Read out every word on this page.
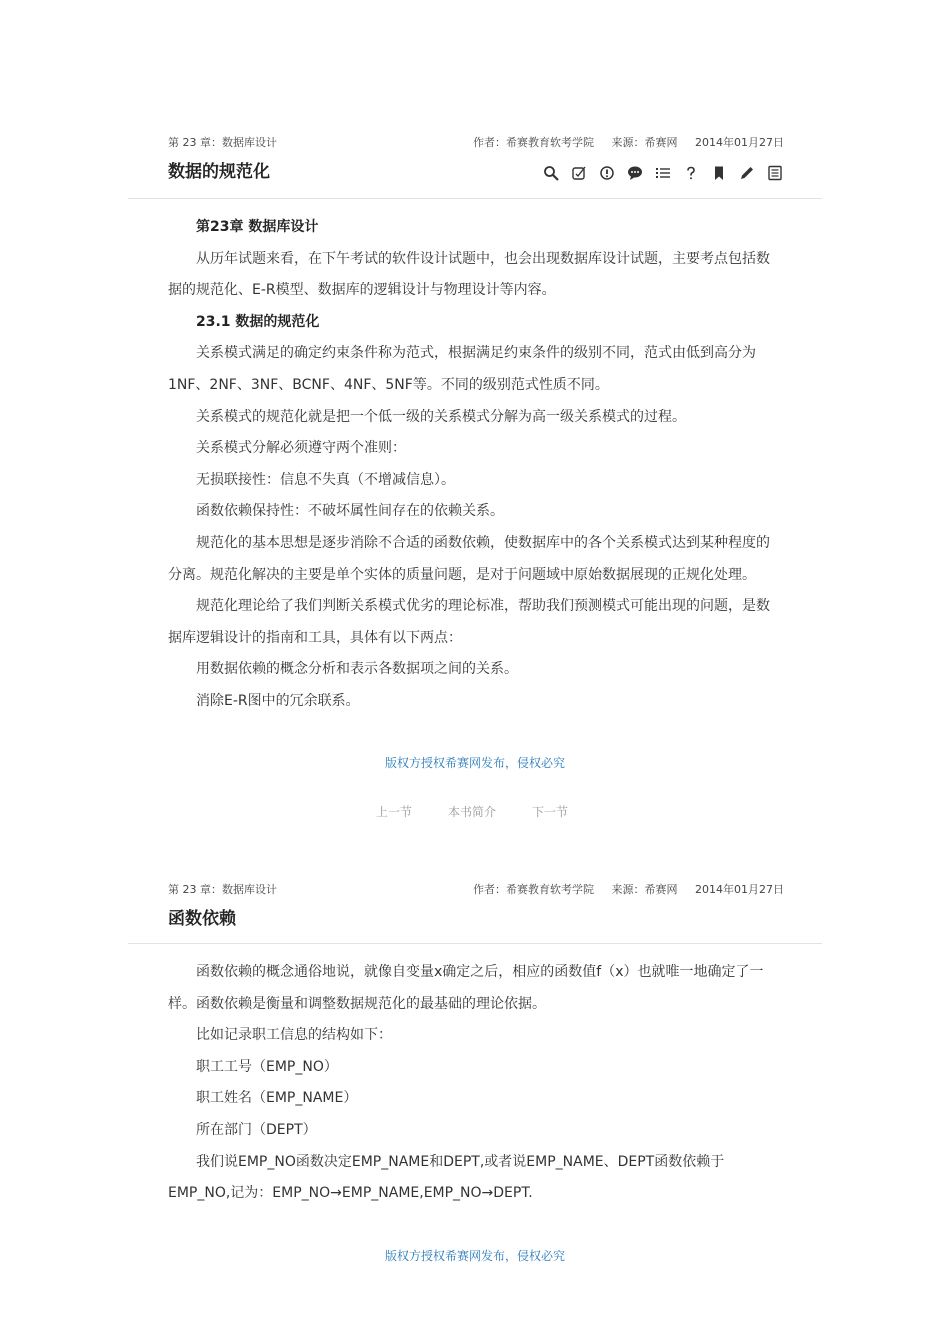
第 23 章：数据库设计	作者：希赛教育软考学院 来源：希赛网 2014年01月27日
数据的规范化

第23章 数据库设计

从历年试题来看，在下午考试的软件设计试题中，也会出现数据库设计试题，主要考点包括数据的规范化、E-R模型、数据库的逻辑设计与物理设计等内容。

23.1 数据的规范化

关系模式满足的确定约束条件称为范式，根据满足约束条件的级别不同，范式由低到高分为1NF、2NF、3NF、BCNF、4NF、5NF等。不同的级别范式性质不同。

关系模式的规范化就是把一个低一级的关系模式分解为高一级关系模式的过程。

关系模式分解必须遵守两个准则：

无损联接性：信息不失真（不增减信息）。

函数依赖保持性：不破坏属性间存在的依赖关系。

规范化的基本思想是逐步消除不合适的函数依赖，使数据库中的各个关系模式达到某种程度的分离。规范化解决的主要是单个实体的质量问题，是对于问题域中原始数据展现的正规化处理。

规范化理论给了我们判断关系模式优劣的理论标准，帮助我们预测模式可能出现的问题，是数据库逻辑设计的指南和工具，具体有以下两点：

用数据依赖的概念分析和表示各数据项之间的关系。

消除E-R图中的冗余联系。

版权方授权希赛网发布，侵权必究
上一节	本书简介	下一节
第 23 章：数据库设计	作者：希赛教育软考学院 来源：希赛网 2014年01月27日
函数依赖

函数依赖的概念通俗地说，就像自变量x确定之后，相应的函数值f（x）也就唯一地确定了一样。函数依赖是衡量和调整数据规范化的最基础的理论依据。

比如记录职工信息的结构如下：

职工工号（EMP_NO）

职工姓名（EMP_NAME）

所在部门（DEPT）

我们说EMP_NO函数决定EMP_NAME和DEPT,或者说EMP_NAME、DEPT函数依赖于EMP_NO,记为：EMP_NO→EMP_NAME,EMP_NO→DEPT.

版权方授权希赛网发布，侵权必究
